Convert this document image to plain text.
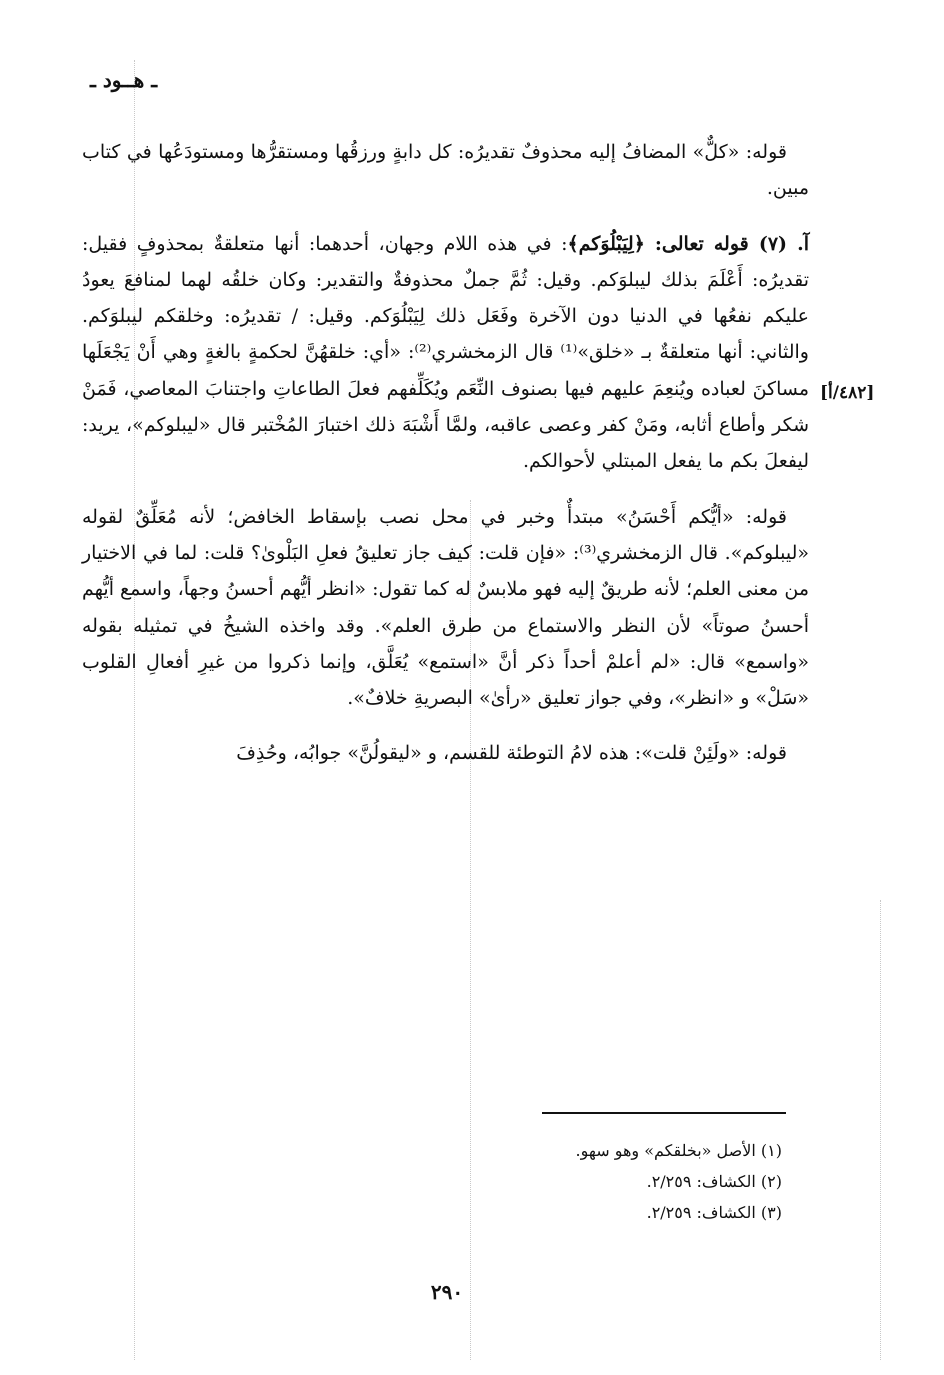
ـ هــود ـ
[٤٨٢/أ]

قوله: «كلٌّ» المضافُ إليه محذوفٌ تقديرُه: كل دابةٍ ورزقُها ومستقرُّها ومستودَعُها في كتاب مبين.

آ. (٧) قوله تعالى: ﴿لِيَبْلُوَكم﴾: في هذه اللام وجهان، أحدهما: أنها متعلقةٌ بمحذوفٍ فقيل: تقديرُه: أَعْلَمَ بذلك ليبلوَكم. وقيل: ثُمَّ جملٌ محذوفةٌ والتقدير: وكان خلقُه لهما لمنافعَ يعودُ عليكم نفعُها في الدنيا دون الآخرة وفَعَل ذلك لِيَبْلُوَكم. وقيل: / تقديرُه: وخلقكم ليبلوَكم. والثاني: أنها متعلقةٌ بـ «خلق»⁽¹⁾ قال الزمخشري⁽²⁾: «أي: خلقهُنَّ لحكمةٍ بالغةٍ وهي أَنْ يَجْعَلَها مساكنَ لعباده ويُنعِمَ عليهم فيها بصنوف النِّعَم ويُكَلِّفهم فعلَ الطاعاتِ واجتنابَ المعاصي، فَمَنْ شكر وأطاع أثابه، ومَنْ كفر وعصى عاقبه، ولمَّا أَشْبَهَ ذلك اختبارَ المُخْتبر قال «ليبلوكم»، يريد: ليفعلَ بكم ما يفعل المبتلي لأحوالكم.

قوله: «أيُّكم أَحْسَنُ» مبتدأٌ وخبر في محل نصب بإسقاط الخافض؛ لأنه مُعَلِّقٌ لقوله «ليبلوكم». قال الزمخشري⁽³⁾: «فإن قلت: كيف جاز تعليقُ فعلِ البَلْوىٰ؟ قلت: لما في الاختيار من معنى العلم؛ لأنه طريقٌ إليه فهو ملابسٌ له كما تقول: «انظر أيُّهم أحسنُ وجهاً، واسمع أيُّهم أحسنُ صوتاً» لأن النظر والاستماع من طرق العلم». وقد واخذه الشيخُ في تمثيله بقوله «واسمع» قال: «لم أعلمْ أحداً ذكر أنَّ «استمع» يُعَلَّق، وإنما ذكروا من غيرِ أفعالِ القلوب «سَلْ» و «انظر»، وفي جواز تعليق «رأىٰ» البصريةِ خلافٌ».

قوله: «ولَئِنْ قلت»: هذه لامُ التوطئة للقسم، و «ليقولُنَّ» جوابُه، وحُذِفَ

(١) الأصل «بخلقكم» وهو سهو.
(٢) الكشاف: ٢/٢٥٩.
(٣) الكشاف: ٢/٢٥٩.
٢٩٠
